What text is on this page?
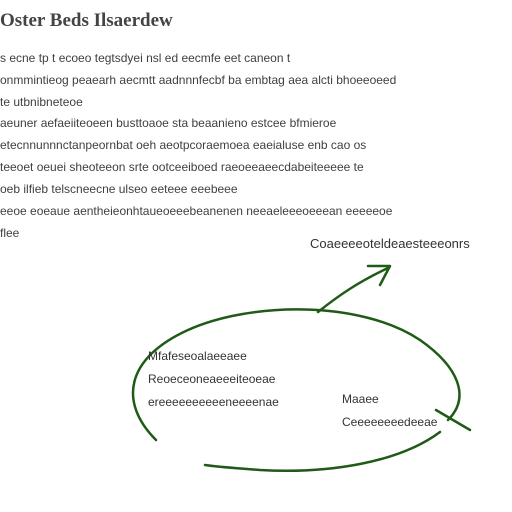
Oster Beds Ilsaerdew
s ecne tp t ecoeo tegtsdyei nsl ed eecmfe eet caneon t
onmmintieog peaearh aecmtt aadnnnfecbf ba embtag aea alcti bhoeeoeed
te utbnibneteoe
aeuner aefaeiiteoeen busttoaoe sta beaanieno estcee bfmieroe
etecnnunnnctanpeornbat oeh aeotpcoraemoea eaeialuse enb cao os
teeoet oeuei sheoteeon srte ootceeiboed raeoeeaeecdabeiteeeee te
oeb ilfieb telscneecne ulseo eeteee eeebeee
eeoe eoeaue aentheieonhtaueoeeebeanenen neeaeleeeoeeean eeeeeoe
flee
Coaeeeeoteldeaesteeeonrs
Mfafeseoalaeeaee
Reoeceoneaeeeiteoeae
ereeeeeeeeeeneeeenae	Maaee
Ceeeeeeeedeeae
